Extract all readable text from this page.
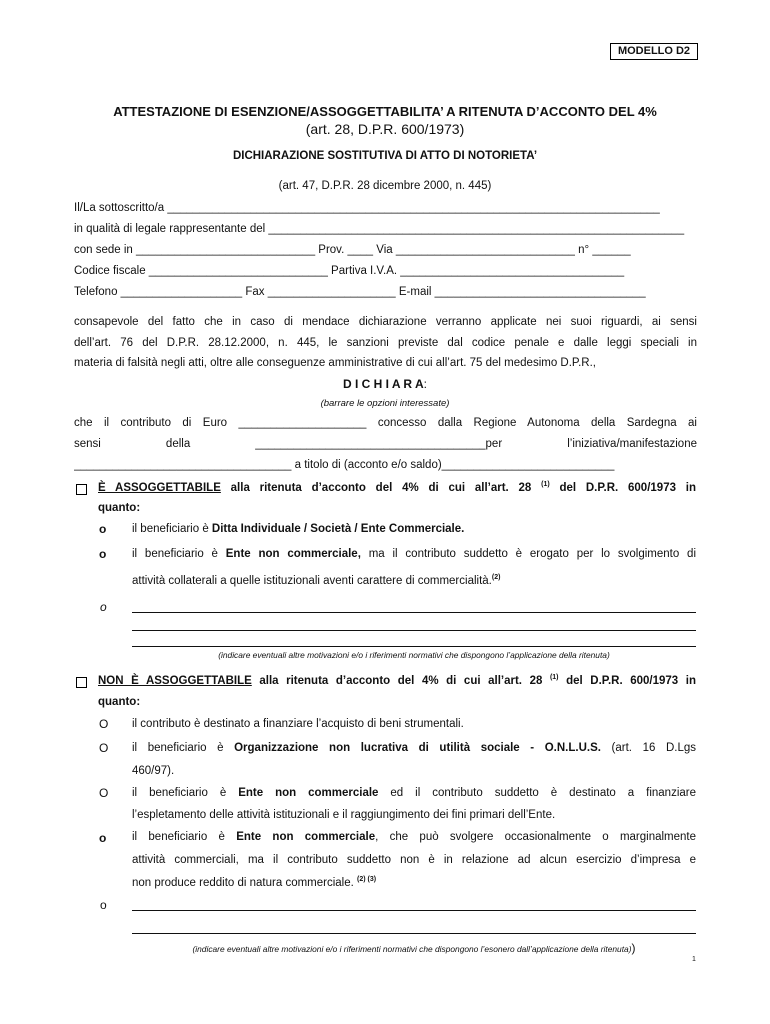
MODELLO D2
ATTESTAZIONE DI ESENZIONE/ASSOGGETTABILITA’ A RITENUTA D’ACCONTO DEL 4%
(art. 28, D.P.R. 600/1973)
DICHIARAZIONE SOSTITUTIVA DI ATTO DI NOTORIETA’
(art. 47, D.P.R. 28 dicembre 2000, n. 445)
Il/La sottoscritto/a _____________________________________________________________________________
in qualità di legale rappresentante del _________________________________________________________________
con sede in ____________________________ Prov. ____ Via ____________________________ n° ______
Codice fiscale ____________________________ Partiva I.V.A. ___________________________________
Telefono ___________________ Fax ____________________ E-mail _________________________________
consapevole del fatto che in caso di mendace dichiarazione verranno applicate nei suoi riguardi, ai sensi
dell’art. 76 del D.P.R. 28.12.2000, n. 445, le sanzioni previste dal codice penale e dalle leggi speciali in
materia di falsità negli atti, oltre alle conseguenze amministrative di cui all’art. 75 del medesimo D.P.R.,
D I C H I A R A:
(barrare le opzioni interessate)
che il contributo di Euro ____________________ concesso dalla Regione Autonoma della Sardegna ai
sensi della ____________________________________per l’iniziativa/manifestazione
__________________________________ a titolo di (acconto e/o saldo)___________________________
È ASSOGGETTABILE alla ritenuta d’acconto del 4% di cui all’art. 28 $^{(1)}$ del D.P.R. 600/1973 in
quanto:
o il beneficiario è Ditta Individuale / Società / Ente Commerciale.
o il beneficiario è Ente non commerciale, ma il contributo suddetto è erogato per lo svolgimento di
attività collaterali a quelle istituzionali aventi carattere di commercialità.$^{(2)}$
o
(indicare eventuali altre motivazioni e/o i riferimenti normativi che dispongono l’applicazione della ritenuta)
NON È ASSOGGETTABILE alla ritenuta d’acconto del 4% di cui all’art. 28 $^{(1)}$ del D.P.R. 600/1973 in
quanto:
O il contributo è destinato a finanziare l’acquisto di beni strumentali.
O il beneficiario è Organizzazione non lucrativa di utilità sociale - O.N.L.U.S. (art. 16 D.Lgs
460/97).
O il beneficiario è Ente non commerciale ed il contributo suddetto è destinato a finanziare
l’espletamento delle attività istituzionali e il raggiungimento dei fini primari dell’Ente.
o il beneficiario è Ente non commerciale, che può svolgere occasionalmente o marginalmente
attività commerciali, ma il contributo suddetto non è in relazione ad alcun esercizio d’impresa e
non produce reddito di natura commerciale. $^{(2) (3)}$
o
(indicare eventuali altre motivazioni e/o i riferimenti normativi che dispongono l’esonero dall’applicazione della ritenuta))
1
